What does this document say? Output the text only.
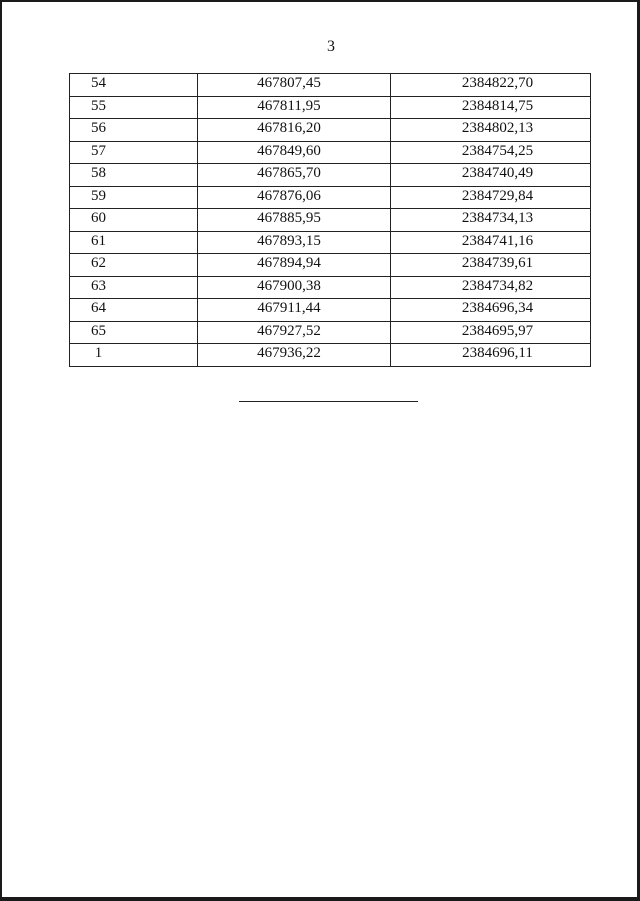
3
54	467807,45	2384822,70
55	467811,95	2384814,75
56	467816,20	2384802,13
57	467849,60	2384754,25
58	467865,70	2384740,49
59	467876,06	2384729,84
60	467885,95	2384734,13
61	467893,15	2384741,16
62	467894,94	2384739,61
63	467900,38	2384734,82
64	467911,44	2384696,34
65	467927,52	2384695,97
1	467936,22	2384696,11
